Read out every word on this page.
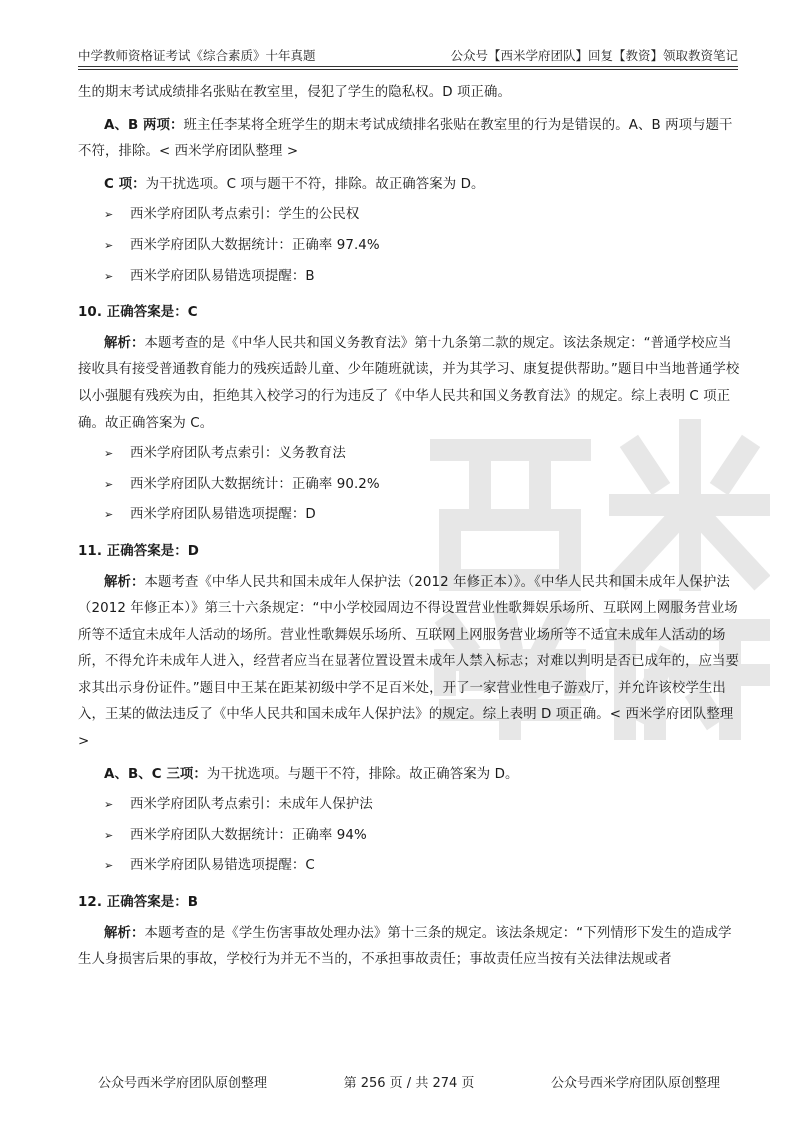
中学教师资格证考试《综合素质》十年真题	公众号【西米学府团队】回复【教资】领取教资笔记

生的期末考试成绩排名张贴在教室里，侵犯了学生的隐私权。D 项正确。

A、B 两项：班主任李某将全班学生的期末考试成绩排名张贴在教室里的行为是错误的。A、B 两项与题干不符，排除。< 西米学府团队整理 >

C 项：为干扰选项。C 项与题干不符，排除。故正确答案为 D。

➢	西米学府团队考点索引：学生的公民权
➢	西米学府团队大数据统计：正确率 97.4%
➢	西米学府团队易错选项提醒：B

10. 正确答案是：C

解析：本题考查的是《中华人民共和国义务教育法》第十九条第二款的规定。该法条规定：“普通学校应当接收具有接受普通教育能力的残疾适龄儿童、少年随班就读，并为其学习、康复提供帮助。”题目中当地普通学校以小强腿有残疾为由，拒绝其入校学习的行为违反了《中华人民共和国义务教育法》的规定。综上表明 C 项正确。故正确答案为 C。

➢	西米学府团队考点索引：义务教育法
➢	西米学府团队大数据统计：正确率 90.2%
➢	西米学府团队易错选项提醒：D

11. 正确答案是：D

解析：本题考查《中华人民共和国未成年人保护法（2012 年修正本）》。《中华人民共和国未成年人保护法（2012 年修正本）》第三十六条规定：“中小学校园周边不得设置营业性歌舞娱乐场所、互联网上网服务营业场所等不适宜未成年人活动的场所。营业性歌舞娱乐场所、互联网上网服务营业场所等不适宜未成年人活动的场所，不得允许未成年人进入，经营者应当在显著位置设置未成年人禁入标志；对难以判明是否已成年的，应当要求其出示身份证件。”题目中王某在距某初级中学不足百米处，开了一家营业性电子游戏厅，并允许该校学生出入，王某的做法违反了《中华人民共和国未成年人保护法》的规定。综上表明 D 项正确。< 西米学府团队整理 >

A、B、C 三项：为干扰选项。与题干不符，排除。故正确答案为 D。

➢	西米学府团队考点索引：未成年人保护法
➢	西米学府团队大数据统计：正确率 94%
➢	西米学府团队易错选项提醒：C

12. 正确答案是：B

解析：本题考查的是《学生伤害事故处理办法》第十三条的规定。该法条规定：“下列情形下发生的造成学生人身损害后果的事故，学校行为并无不当的，不承担事故责任；事故责任应当按有关法律法规或者

公众号西米学府团队原创整理	第 256 页 / 共 274 页	公众号西米学府团队原创整理
